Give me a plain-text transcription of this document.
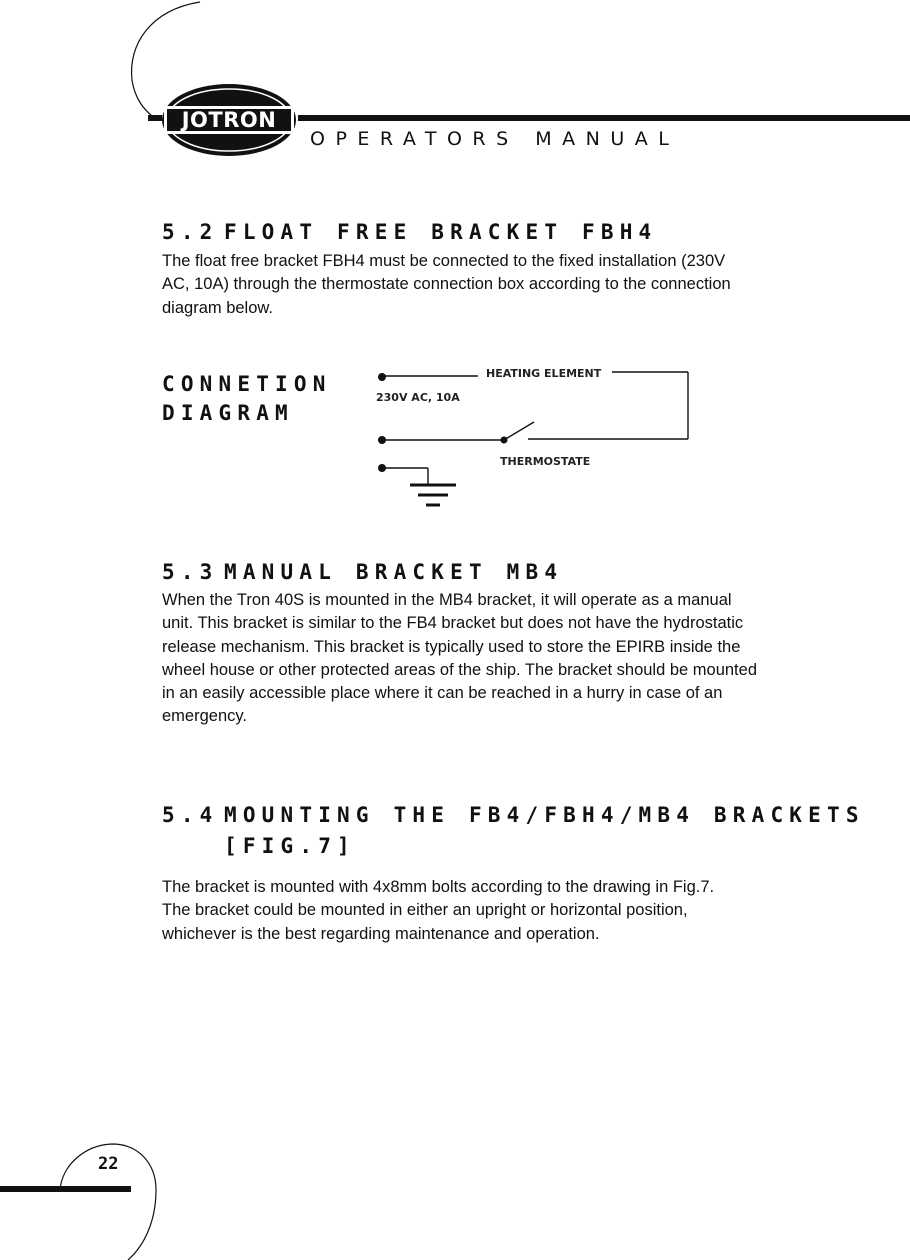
JOTRON
OPERATORS MANUAL
5.2 FLOAT FREE BRACKET FBH4

The float free bracket FBH4 must be connected to the fixed installation (230V AC, 10A) through the thermostate connection box according to the connection diagram below.

CONNETION
DIAGRAM
HEATING ELEMENT
230V AC, 10A
THERMOSTATE
5.3 MANUAL BRACKET MB4

When the Tron 40S is mounted in the MB4 bracket, it will operate as a manual unit. This bracket is similar to the FB4 bracket but does not have the hydrostatic release mechanism. This bracket is typically used to store the EPIRB inside the wheel house or other protected areas of the ship. The bracket should be mounted in an easily accessible place where it can be reached in a hurry in case of an emergency.

5.4 MOUNTING THE FB4/FBH4/MB4 BRACKETS
[FIG.7]

The bracket is mounted with 4x8mm bolts according to the drawing in Fig.7.

The bracket could be mounted in either an upright or horizontal position, whichever is the best regarding maintenance and operation.

22
